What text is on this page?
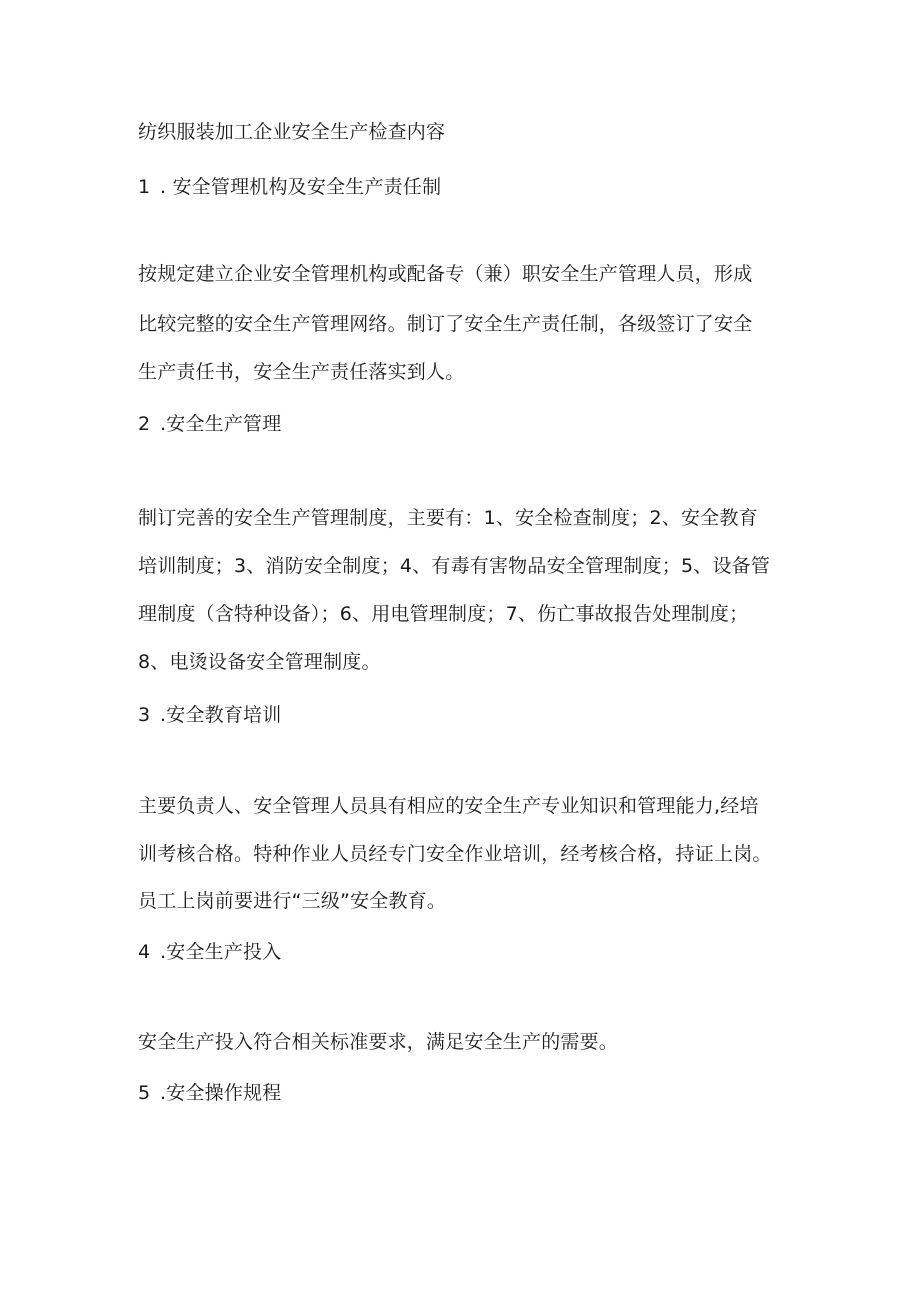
纺织服装加工企业安全生产检查内容
1 . 安全管理机构及安全生产责任制
按规定建立企业安全管理机构或配备专（兼）职安全生产管理人员，形成
比较完整的安全生产管理网络。制订了安全生产责任制，各级签订了安全
生产责任书，安全生产责任落实到人。
2 .安全生产管理
制订完善的安全生产管理制度，主要有：1、安全检查制度；2、安全教育
培训制度；3、消防安全制度；4、有毒有害物品安全管理制度；5、设备管
理制度（含特种设备）；6、用电管理制度；7、伤亡事故报告处理制度；
8、电烫设备安全管理制度。
3 .安全教育培训
主要负责人、安全管理人员具有相应的安全生产专业知识和管理能力,经培
训考核合格。特种作业人员经专门安全作业培训，经考核合格，持证上岗。
员工上岗前要进行“三级”安全教育。
4 .安全生产投入
安全生产投入符合相关标准要求，满足安全生产的需要。
5 .安全操作规程
